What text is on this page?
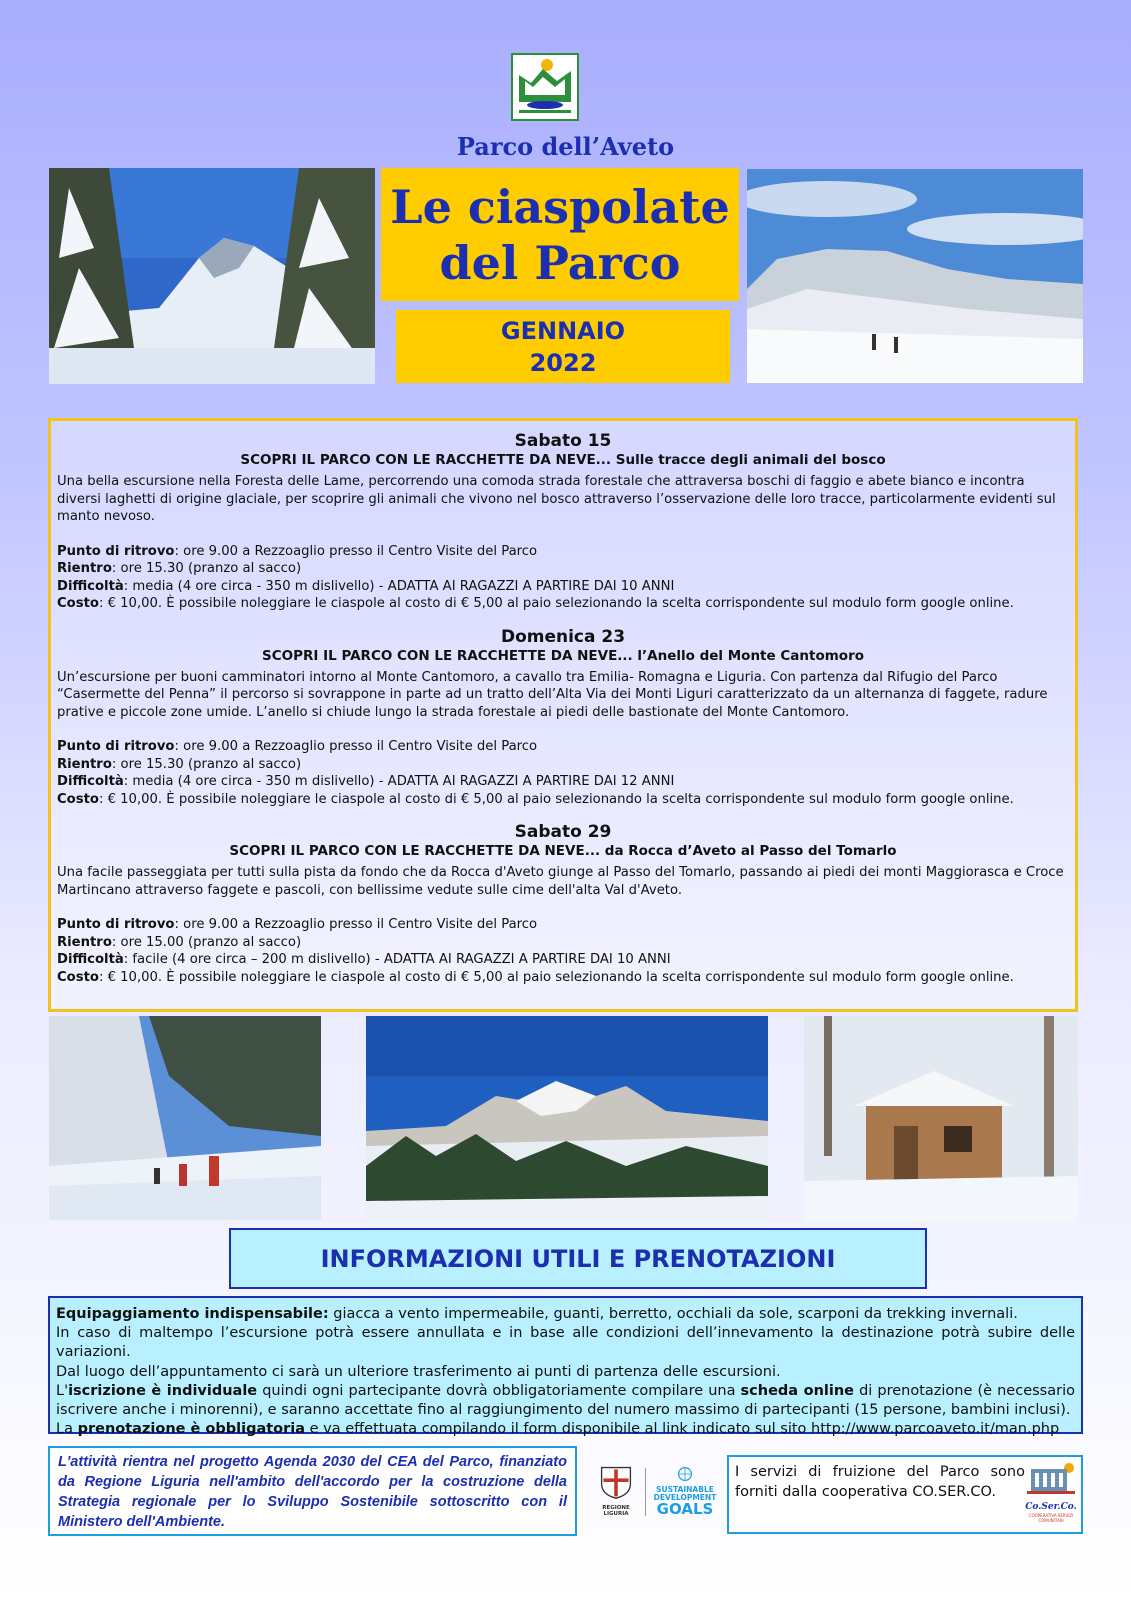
Parco dell’Aveto
Le ciaspolate
del Parco
GENNAIO
2022
Sabato 15
SCOPRI IL PARCO CON LE RACCHETTE DA NEVE... Sulle tracce degli animali del bosco
Una bella escursione nella Foresta delle Lame, percorrendo una comoda strada forestale che attraversa boschi di faggio e abete bianco e incontra diversi laghetti di origine glaciale, per scoprire gli animali che vivono nel bosco attraverso l’osservazione delle loro tracce, particolarmente evidenti sul manto nevoso.
Punto di ritrovo: ore 9.00 a Rezzoaglio presso il Centro Visite del Parco
Rientro: ore 15.30 (pranzo al sacco)
Difficoltà: media (4 ore circa - 350 m dislivello) - ADATTA AI RAGAZZI A PARTIRE DAI 10 ANNI
Costo: € 10,00. È possibile noleggiare le ciaspole al costo di € 5,00 al paio selezionando la scelta corrispondente sul modulo form google online.
Domenica 23
SCOPRI IL PARCO CON LE RACCHETTE DA NEVE... l’Anello del Monte Cantomoro
Un’escursione per buoni camminatori intorno al Monte Cantomoro, a cavallo tra Emilia- Romagna e Liguria. Con partenza dal Rifugio del Parco “Casermette del Penna” il percorso si sovrappone in parte ad un tratto dell’Alta Via dei Monti Liguri caratterizzato da un alternanza di faggete, radure prative e piccole zone umide. L’anello si chiude lungo la strada forestale ai piedi delle bastionate del Monte Cantomoro.
Punto di ritrovo: ore 9.00 a Rezzoaglio presso il Centro Visite del Parco
Rientro: ore 15.30 (pranzo al sacco)
Difficoltà: media (4 ore circa - 350 m dislivello) - ADATTA AI RAGAZZI A PARTIRE DAI 12 ANNI
Costo: € 10,00. È possibile noleggiare le ciaspole al costo di € 5,00 al paio selezionando la scelta corrispondente sul modulo form google online.
Sabato 29
SCOPRI IL PARCO CON LE RACCHETTE DA NEVE... da Rocca d’Aveto al Passo del Tomarlo
Una facile passeggiata per tutti sulla pista da fondo che da Rocca d'Aveto giunge al Passo del Tomarlo, passando ai piedi dei monti Maggiorasca e Croce Martincano attraverso faggete e pascoli, con bellissime vedute sulle cime dell'alta Val d'Aveto.
Punto di ritrovo: ore 9.00 a Rezzoaglio presso il Centro Visite del Parco
Rientro: ore 15.00 (pranzo al sacco)
Difficoltà: facile (4 ore circa – 200 m dislivello) - ADATTA AI RAGAZZI A PARTIRE DAI 10 ANNI
Costo: € 10,00. È possibile noleggiare le ciaspole al costo di € 5,00 al paio selezionando la scelta corrispondente sul modulo form google online.
INFORMAZIONI UTILI E PRENOTAZIONI
Equipaggiamento indispensabile: giacca a vento impermeabile, guanti, berretto, occhiali da sole, scarponi da trekking invernali.
In caso di maltempo l’escursione potrà essere annullata e in base alle condizioni dell’innevamento la destinazione potrà subire delle variazioni.
Dal luogo dell’appuntamento ci sarà un ulteriore trasferimento ai punti di partenza delle escursioni.
L'iscrizione è individuale quindi ogni partecipante dovrà obbligatoriamente compilare una scheda online di prenotazione (è necessario iscrivere anche i minorenni), e saranno accettate fino al raggiungimento del numero massimo di partecipanti (15 persone, bambini inclusi).
La prenotazione è obbligatoria e va effettuata compilando il form disponibile al link indicato sul sito http://www.parcoaveto.it/man.php
L'attività rientra nel progetto Agenda 2030 del CEA del Parco, finanziato da Regione Liguria nell'ambito dell'accordo per la costruzione della Strategia regionale per lo Sviluppo Sostenibile sottoscritto con il Ministero dell'Ambiente.
REGIONE LIGURIA
SUSTAINABLE
DEVELOPMENT
GOALS
I servizi di fruizione del Parco sono forniti dalla cooperativa CO.SER.CO.
Co.Ser.Co.
COOPERATIVA SERVIZI COMUNITARI
